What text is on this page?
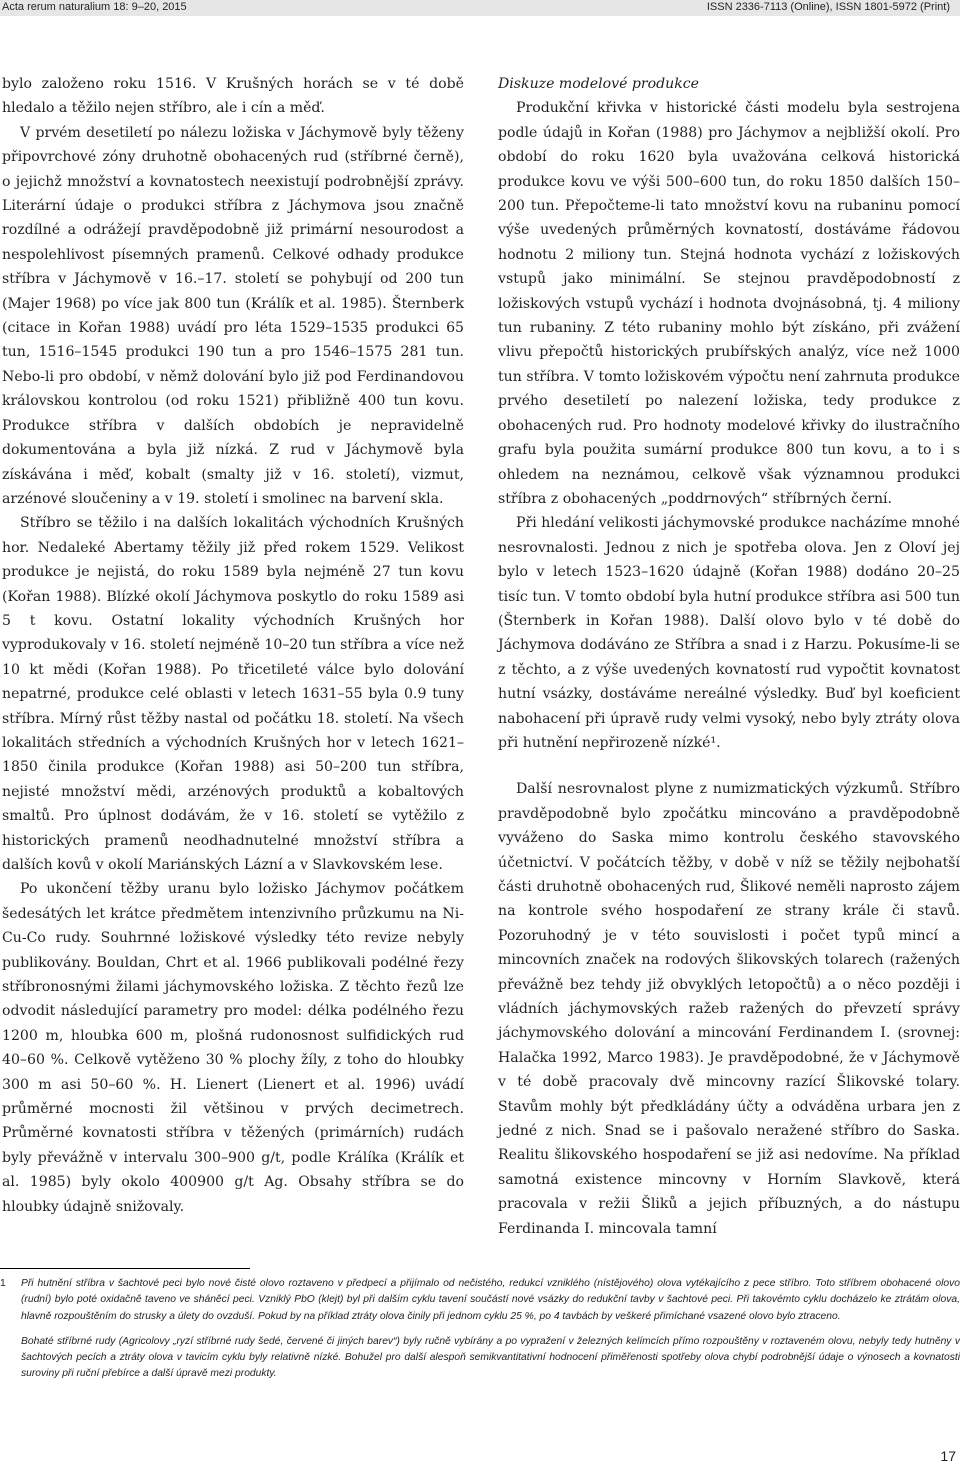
Acta rerum naturalium 18: 9–20, 2015	ISSN 2336-7113 (Online), ISSN 1801-5972 (Print)

bylo založeno roku 1516. V Krušných horách se v té době hledalo a těžilo nejen stříbro, ale i cín a měď.

V prvém desetiletí po nálezu ložiska v Jáchymově byly těženy připovrchové zóny druhotně obohacených rud (stříbrné černě), o jejichž množství a kovnatostech neexistují podrobnější zprávy. Literární údaje o produkci stříbra z Jáchymova jsou značně rozdílné a odrážejí pravděpodobně již primární nesourodost a nespolehlivost písemných pramenů. Celkové odhady produkce stříbra v Jáchymově v 16.–17. století se pohybují od 200 tun (Majer 1968) po více jak 800 tun (Králík et al. 1985). Šternberk (citace in Kořan 1988) uvádí pro léta 1529–1535 produkci 65 tun, 1516–1545 produkci 190 tun a pro 1546–1575 281 tun. Nebo-li pro období, v němž dolování bylo již pod Ferdinandovou královskou kontrolou (od roku 1521) přibližně 400 tun kovu. Produkce stříbra v dalších obdobích je nepravidelně dokumentována a byla již nízká. Z rud v Jáchymově byla získávána i měď, kobalt (smalty již v 16. století), vizmut, arzénové sloučeniny a v 19. století i smolinec na barvení skla.

Stříbro se těžilo i na dalších lokalitách východních Krušných hor. Nedaleké Abertamy těžily již před rokem 1529. Velikost produkce je nejistá, do roku 1589 byla nejméně 27 tun kovu (Kořan 1988). Blízké okolí Jáchymova poskytlo do roku 1589 asi 5 t kovu. Ostatní lokality východních Krušných hor vyprodukovaly v 16. století nejméně 10–20 tun stříbra a více než 10 kt mědi (Kořan 1988). Po třicetileté válce bylo dolování nepatrné, produkce celé oblasti v letech 1631–55 byla 0.9 tuny stříbra. Mírný růst těžby nastal od počátku 18. století. Na všech lokalitách středních a východních Krušných hor v letech 1621–1850 činila produkce (Kořan 1988) asi 50–200 tun stříbra, nejisté množství mědi, arzénových produktů a kobaltových smaltů. Pro úplnost dodávám, že v 16. století se vytěžilo z historických pramenů neodhadnutelné množství stříbra a dalších kovů v okolí Mariánských Lázní a v Slavkovském lese.

Po ukončení těžby uranu bylo ložisko Jáchymov počátkem šedesátých let krátce předmětem intenzivního průzkumu na Ni-Cu-Co rudy. Souhrnné ložiskové výsledky této revize nebyly publikovány. Bouldan, Chrt et al. 1966 publikovali podélné řezy stříbronosnými žilami jáchymovského ložiska. Z těchto řezů lze odvodit následující parametry pro model: délka podélného řezu 1200 m, hloubka 600 m, plošná rudonosnost sulfidických rud 40–60 %. Celkově vytěženo 30 % plochy žíly, z toho do hloubky 300 m asi 50–60 %. H. Lienert (Lienert et al. 1996) uvádí průměrné mocnosti žil většinou v prvých decimetrech. Průměrné kovnatosti stříbra v těžených (primárních) rudách byly převážně v intervalu 300–900 g/t, podle Králíka (Králík et al. 1985) byly okolo 400900 g/t Ag. Obsahy stříbra se do hloubky údajně snižovaly.

Diskuze modelové produkce

Produkční křivka v historické části modelu byla sestrojena podle údajů in Kořan (1988) pro Jáchymov a nejbližší okolí. Pro období do roku 1620 byla uvažována celková historická produkce kovu ve výši 500–600 tun, do roku 1850 dalších 150–200 tun. Přepočteme-li tato množství kovu na rubaninu pomocí výše uvedených průměrných kovnatostí, dostáváme řádovou hodnotu 2 miliony tun. Stejná hodnota vychází z ložiskových vstupů jako minimální. Se stejnou pravděpodobností z ložiskových vstupů vychází i hodnota dvojnásobná, tj. 4 miliony tun rubaniny. Z této rubaniny mohlo být získáno, při zvážení vlivu přepočtů historických prubířských analýz, více než 1000 tun stříbra. V tomto ložiskovém výpočtu není zahrnuta produkce prvého desetiletí po nalezení ložiska, tedy produkce z obohacených rud. Pro hodnoty modelové křivky do ilustračního grafu byla použita sumární produkce 800 tun kovu, a to i s ohledem na neznámou, celkově však významnou produkci stříbra z obohacených „poddrnových“ stříbrných černí.

Při hledání velikosti jáchymovské produkce nacházíme mnohé nesrovnalosti. Jednou z nich je spotřeba olova. Jen z Oloví jej bylo v letech 1523–1620 údajně (Kořan 1988) dodáno 20–25 tisíc tun. V tomto období byla hutní produkce stříbra asi 500 tun (Šternberk in Kořan 1988). Další olovo bylo v té době do Jáchymova dodáváno ze Stříbra a snad i z Harzu. Pokusíme-li se z těchto, a z výše uvedených kovnatostí rud vypočtit kovnatost hutní vsázky, dostáváme nereálné výsledky. Buď byl koeficient nabohacení při úpravě rudy velmi vysoký, nebo byly ztráty olova při hutnění nepřirozeně nízké¹.

Další nesrovnalost plyne z numizmatických výzkumů. Stříbro pravděpodobně bylo zpočátku mincováno a pravděpodobně vyváženo do Saska mimo kontrolu českého stavovského účetnictví. V počátcích těžby, v době v níž se těžily nejbohatší části druhotně obohacených rud, Šlikové neměli naprosto zájem na kontrole svého hospodaření ze strany krále či stavů. Pozoruhodný je v této souvislosti i počet typů mincí a mincovních značek na rodových šlikovských tolarech (ražených převážně bez tehdy již obvyklých letopočtů) a o něco později i vládních jáchymovských ražeb ražených do převzetí správy jáchymovského dolování a mincování Ferdinandem I. (srovnej: Halačka 1992, Marco 1983). Je pravděpodobné, že v Jáchymově v té době pracovaly dvě mincovny razící Šlikovské tolary. Stavům mohly být předkládány účty a odváděna urbara jen z jedné z nich. Snad se i pašovalo neražené stříbro do Saska. Realitu šlikovského hospodaření se již asi nedovíme. Na příklad samotná existence mincovny v Horním Slavkově, která pracovala v režii Šliků a jejich příbuzných, a do nástupu Ferdinanda I. mincovala tamní

1 Při hutnění stříbra v šachtové peci bylo nové čisté olovo roztaveno v předpecí a přijímalo od nečistého, redukcí vzniklého (nístějového) olova vytékajícího z pece stříbro. Toto stříbrem obohacené olovo (rudní) bylo poté oxidačně taveno ve sháněcí peci. Vzniklý PbO (klejt) byl při dalším cyklu tavení součástí nové vsázky do redukční tavby v šachtové peci. Při takovémto cyklu docházelo ke ztrátám olova, hlavně rozpouštěním do strusky a úlety do ovzduší. Pokud by na příklad ztráty olova činily při jednom cyklu 25 %, po 4 tavbách by veškeré přimíchané vsazené olovo bylo ztraceno.

Bohaté stříbrné rudy (Agricolovy „ryzí stříbrné rudy šedé, červené či jiných barev“) byly ručně vybírány a po vypražení v železných kelímcích přímo rozpouštěny v roztaveném olovu, nebyly tedy hutněny v šachtových pecích a ztráty olova v tavicím cyklu byly relativně nízké. Bohužel pro další alespoň semikvantitativní hodnocení přiměřenosti spotřeby olova chybí podrobnější údaje o výnosech a kovnatosti suroviny při ruční přebírce a další úpravě mezi produkty.

17
